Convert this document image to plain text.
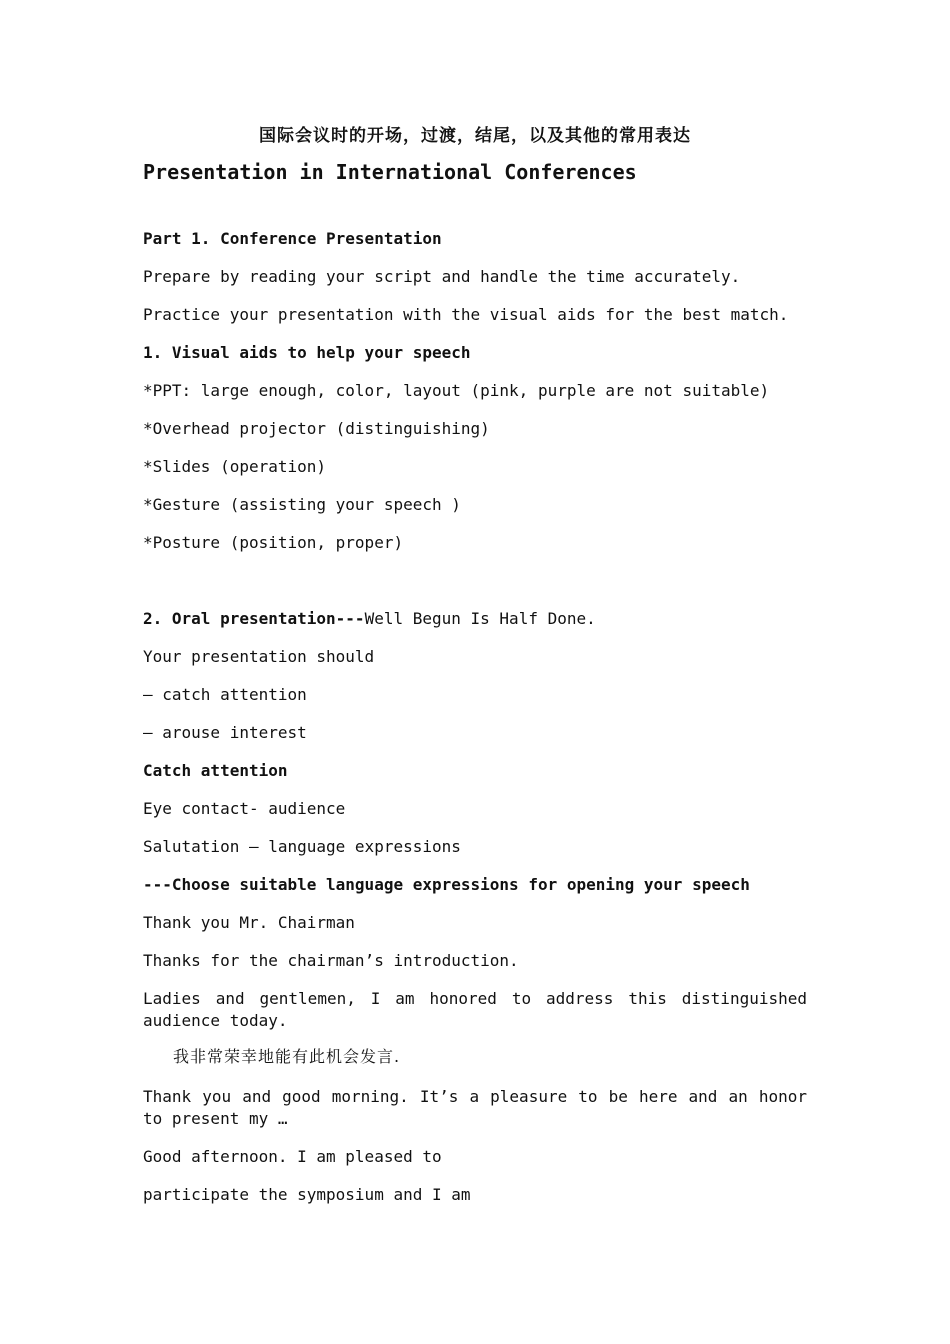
国际会议时的开场，过渡，结尾，以及其他的常用表达
Presentation in International Conferences
Part 1. Conference Presentation
Prepare by reading your script and handle the time accurately.
Practice your presentation with the visual aids for the best match.
1. Visual aids to help your speech
*PPT: large enough, color, layout (pink, purple are not suitable)
*Overhead projector (distinguishing)
*Slides (operation)
*Gesture (assisting your speech )
*Posture (position, proper)
2. Oral presentation---Well Begun Is Half Done.
Your presentation should
— catch attention
— arouse interest
Catch attention
Eye contact- audience
Salutation – language expressions
---Choose suitable language expressions for opening your speech
Thank you Mr. Chairman
Thanks for the chairman’s introduction.
Ladies and gentlemen, I am honored to address this distinguished audience today.
我非常荣幸地能有此机会发言.
Thank you and good morning. It’s a pleasure to be here and an honor to present my …
Good afternoon. I am pleased to
participate the symposium and I am
